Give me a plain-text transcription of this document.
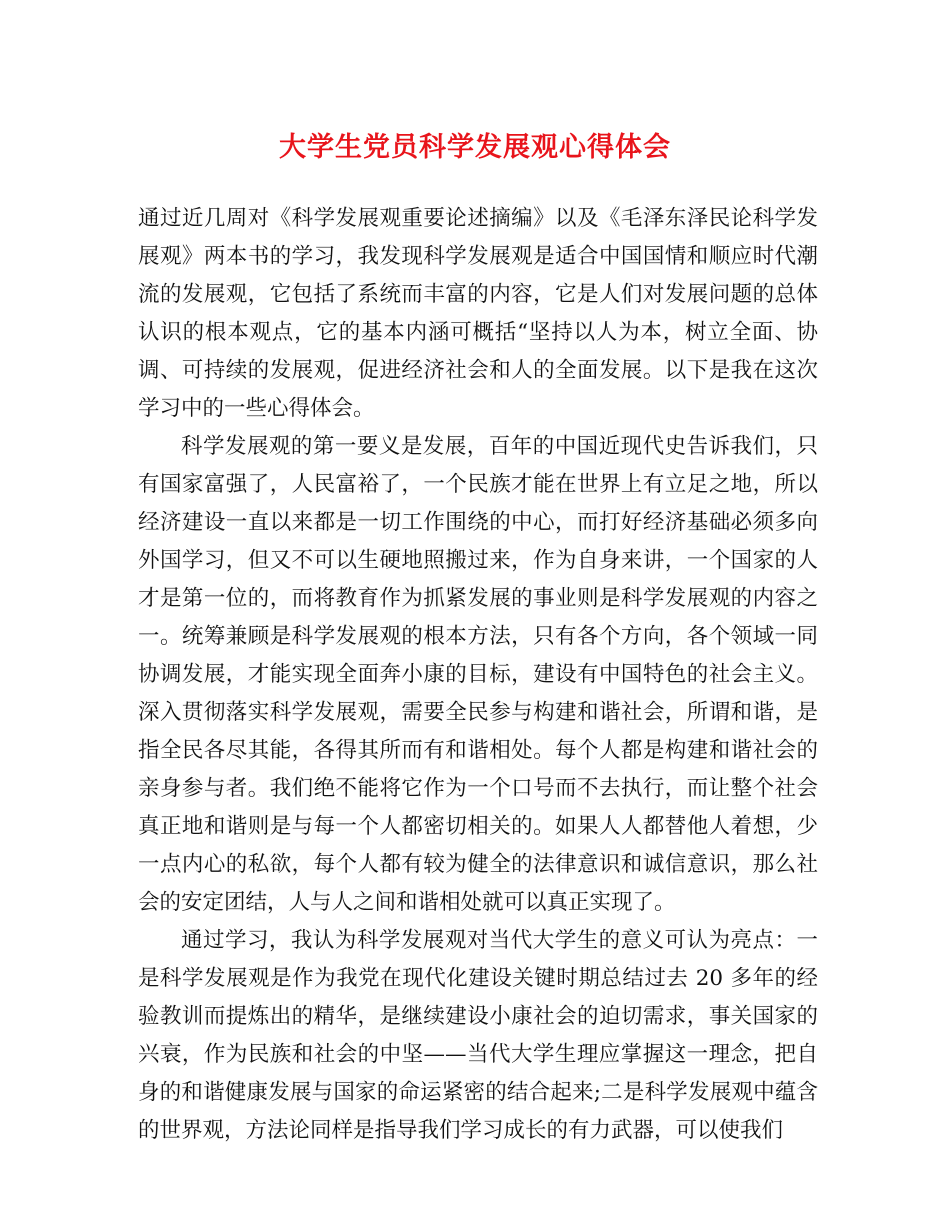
大学生党员科学发展观心得体会

通过近几周对《科学发展观重要论述摘编》以及《毛泽东泽民论科学发展观》两本书的学习，我发现科学发展观是适合中国国情和顺应时代潮流的发展观，它包括了系统而丰富的内容，它是人们对发展问题的总体认识的根本观点，它的基本内涵可概括“坚持以人为本，树立全面、协调、可持续的发展观，促进经济社会和人的全面发展。以下是我在这次学习中的一些心得体会。

科学发展观的第一要义是发展，百年的中国近现代史告诉我们，只有国家富强了，人民富裕了，一个民族才能在世界上有立足之地，所以经济建设一直以来都是一切工作围绕的中心，而打好经济基础必须多向外国学习，但又不可以生硬地照搬过来，作为自身来讲，一个国家的人才是第一位的，而将教育作为抓紧发展的事业则是科学发展观的内容之一。统筹兼顾是科学发展观的根本方法，只有各个方向，各个领域一同协调发展，才能实现全面奔小康的目标，建设有中国特色的社会主义。深入贯彻落实科学发展观，需要全民参与构建和谐社会，所谓和谐，是指全民各尽其能，各得其所而有和谐相处。每个人都是构建和谐社会的亲身参与者。我们绝不能将它作为一个口号而不去执行，而让整个社会真正地和谐则是与每一个人都密切相关的。如果人人都替他人着想，少一点内心的私欲，每个人都有较为健全的法律意识和诚信意识，那么社会的安定团结，人与人之间和谐相处就可以真正实现了。

通过学习，我认为科学发展观对当代大学生的意义可认为亮点：一是科学发展观是作为我党在现代化建设关键时期总结过去 20 多年的经验教训而提炼出的精华，是继续建设小康社会的迫切需求，事关国家的兴衰，作为民族和社会的中坚——当代大学生理应掌握这一理念，把自身的和谐健康发展与国家的命运紧密的结合起来;二是科学发展观中蕴含的世界观，方法论同样是指导我们学习成长的有力武器，可以使我们
